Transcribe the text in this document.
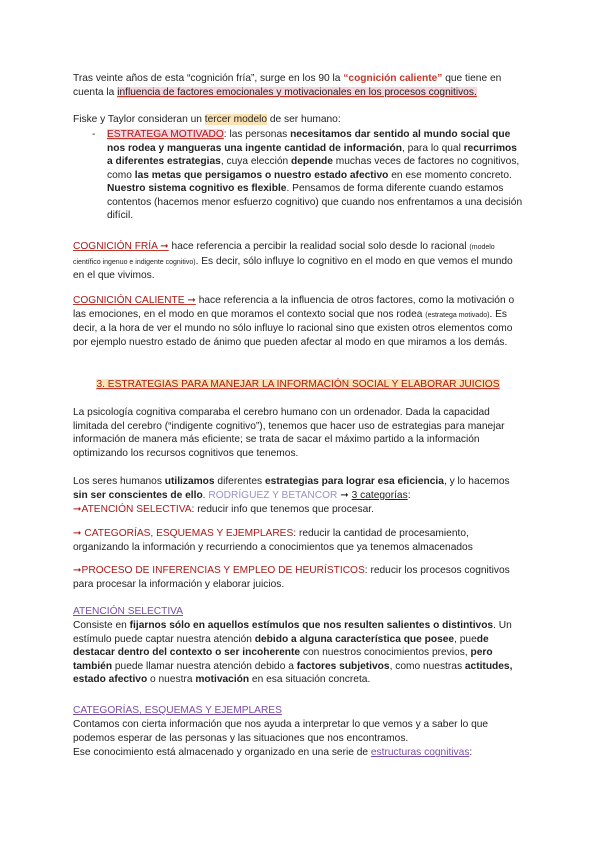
Tras veinte años de esta “cognición fría”, surge en los 90 la “cognición caliente” que tiene en cuenta la influencia de factores emocionales y motivacionales en los procesos cognitivos.

Fiske y Taylor consideran un tercer modelo de ser humano:

- ESTRATEGA MOTIVADO: las personas necesitamos dar sentido al mundo social que nos rodea y mangueras una ingente cantidad de información, para lo qual recurrimos a diferentes estrategias, cuya elección depende muchas veces de factores no cognitivos, como las metas que persigamos o nuestro estado afectivo en ese momento concreto. Nuestro sistema cognitivo es flexible. Pensamos de forma diferente cuando estamos contentos (hacemos menor esfuerzo cognitivo) que cuando nos enfrentamos a una decisión difícil.

COGNICIÓN FRÍA ➞ hace referencia a percibir la realidad social solo desde lo racional (modelo científico ingenuo e indigente cognitivo). Es decir, sólo influye lo cognitivo en el modo en que vemos el mundo en el que vivimos.

COGNICIÓN CALIENTE ➞ hace referencia a la influencia de otros factores, como la motivación o las emociones, en el modo en que moramos el contexto social que nos rodea (estratega motivado). Es decir, a la hora de ver el mundo no sólo influye lo racional sino que existen otros elementos como por ejemplo nuestro estado de ánimo que pueden afectar al modo en que miramos a los demás.

3. ESTRATEGIAS PARA MANEJAR LA INFORMACIÓN SOCIAL Y ELABORAR JUICIOS

La psicología cognitiva comparaba el cerebro humano con un ordenador. Dada la capacidad limitada del cerebro (“indigente cognitivo”), tenemos que hacer uso de estrategias para manejar información de manera más eficiente; se trata de sacar el máximo partido a la información optimizando los recursos cognitivos que tenemos.

Los seres humanos utilizamos diferentes estrategias para lograr esa eficiencia, y lo hacemos sin ser conscientes de ello. RODRÍGUEZ Y BETANCOR ➞ 3 categorías:

➞ATENCIÓN SELECTIVA: reducir info que tenemos que procesar.

➞ CATEGORÍAS, ESQUEMAS Y EJEMPLARES: reducir la cantidad de procesamiento, organizando la información y recurriendo a conocimientos que ya tenemos almacenados

➞PROCESO DE INFERENCIAS Y EMPLEO DE HEURÍSTICOS: reducir los procesos cognitivos para procesar la información y elaborar juicios.

ATENCIÓN SELECTIVA

Consiste en fijarnos sólo en aquellos estímulos que nos resulten salientes o distintivos. Un estímulo puede captar nuestra atención debido a alguna característica que posee, puede destacar dentro del contexto o ser incoherente con nuestros conocimientos previos, pero también puede llamar nuestra atención debido a factores subjetivos, como nuestras actitudes, estado afectivo o nuestra motivación en esa situación concreta.

CATEGORÍAS, ESQUEMAS Y EJEMPLARES

Contamos con cierta información que nos ayuda a interpretar lo que vemos y a saber lo que podemos esperar de las personas y las situaciones que nos encontramos.

Ese conocimiento está almacenado y organizado en una serie de estructuras cognitivas:
